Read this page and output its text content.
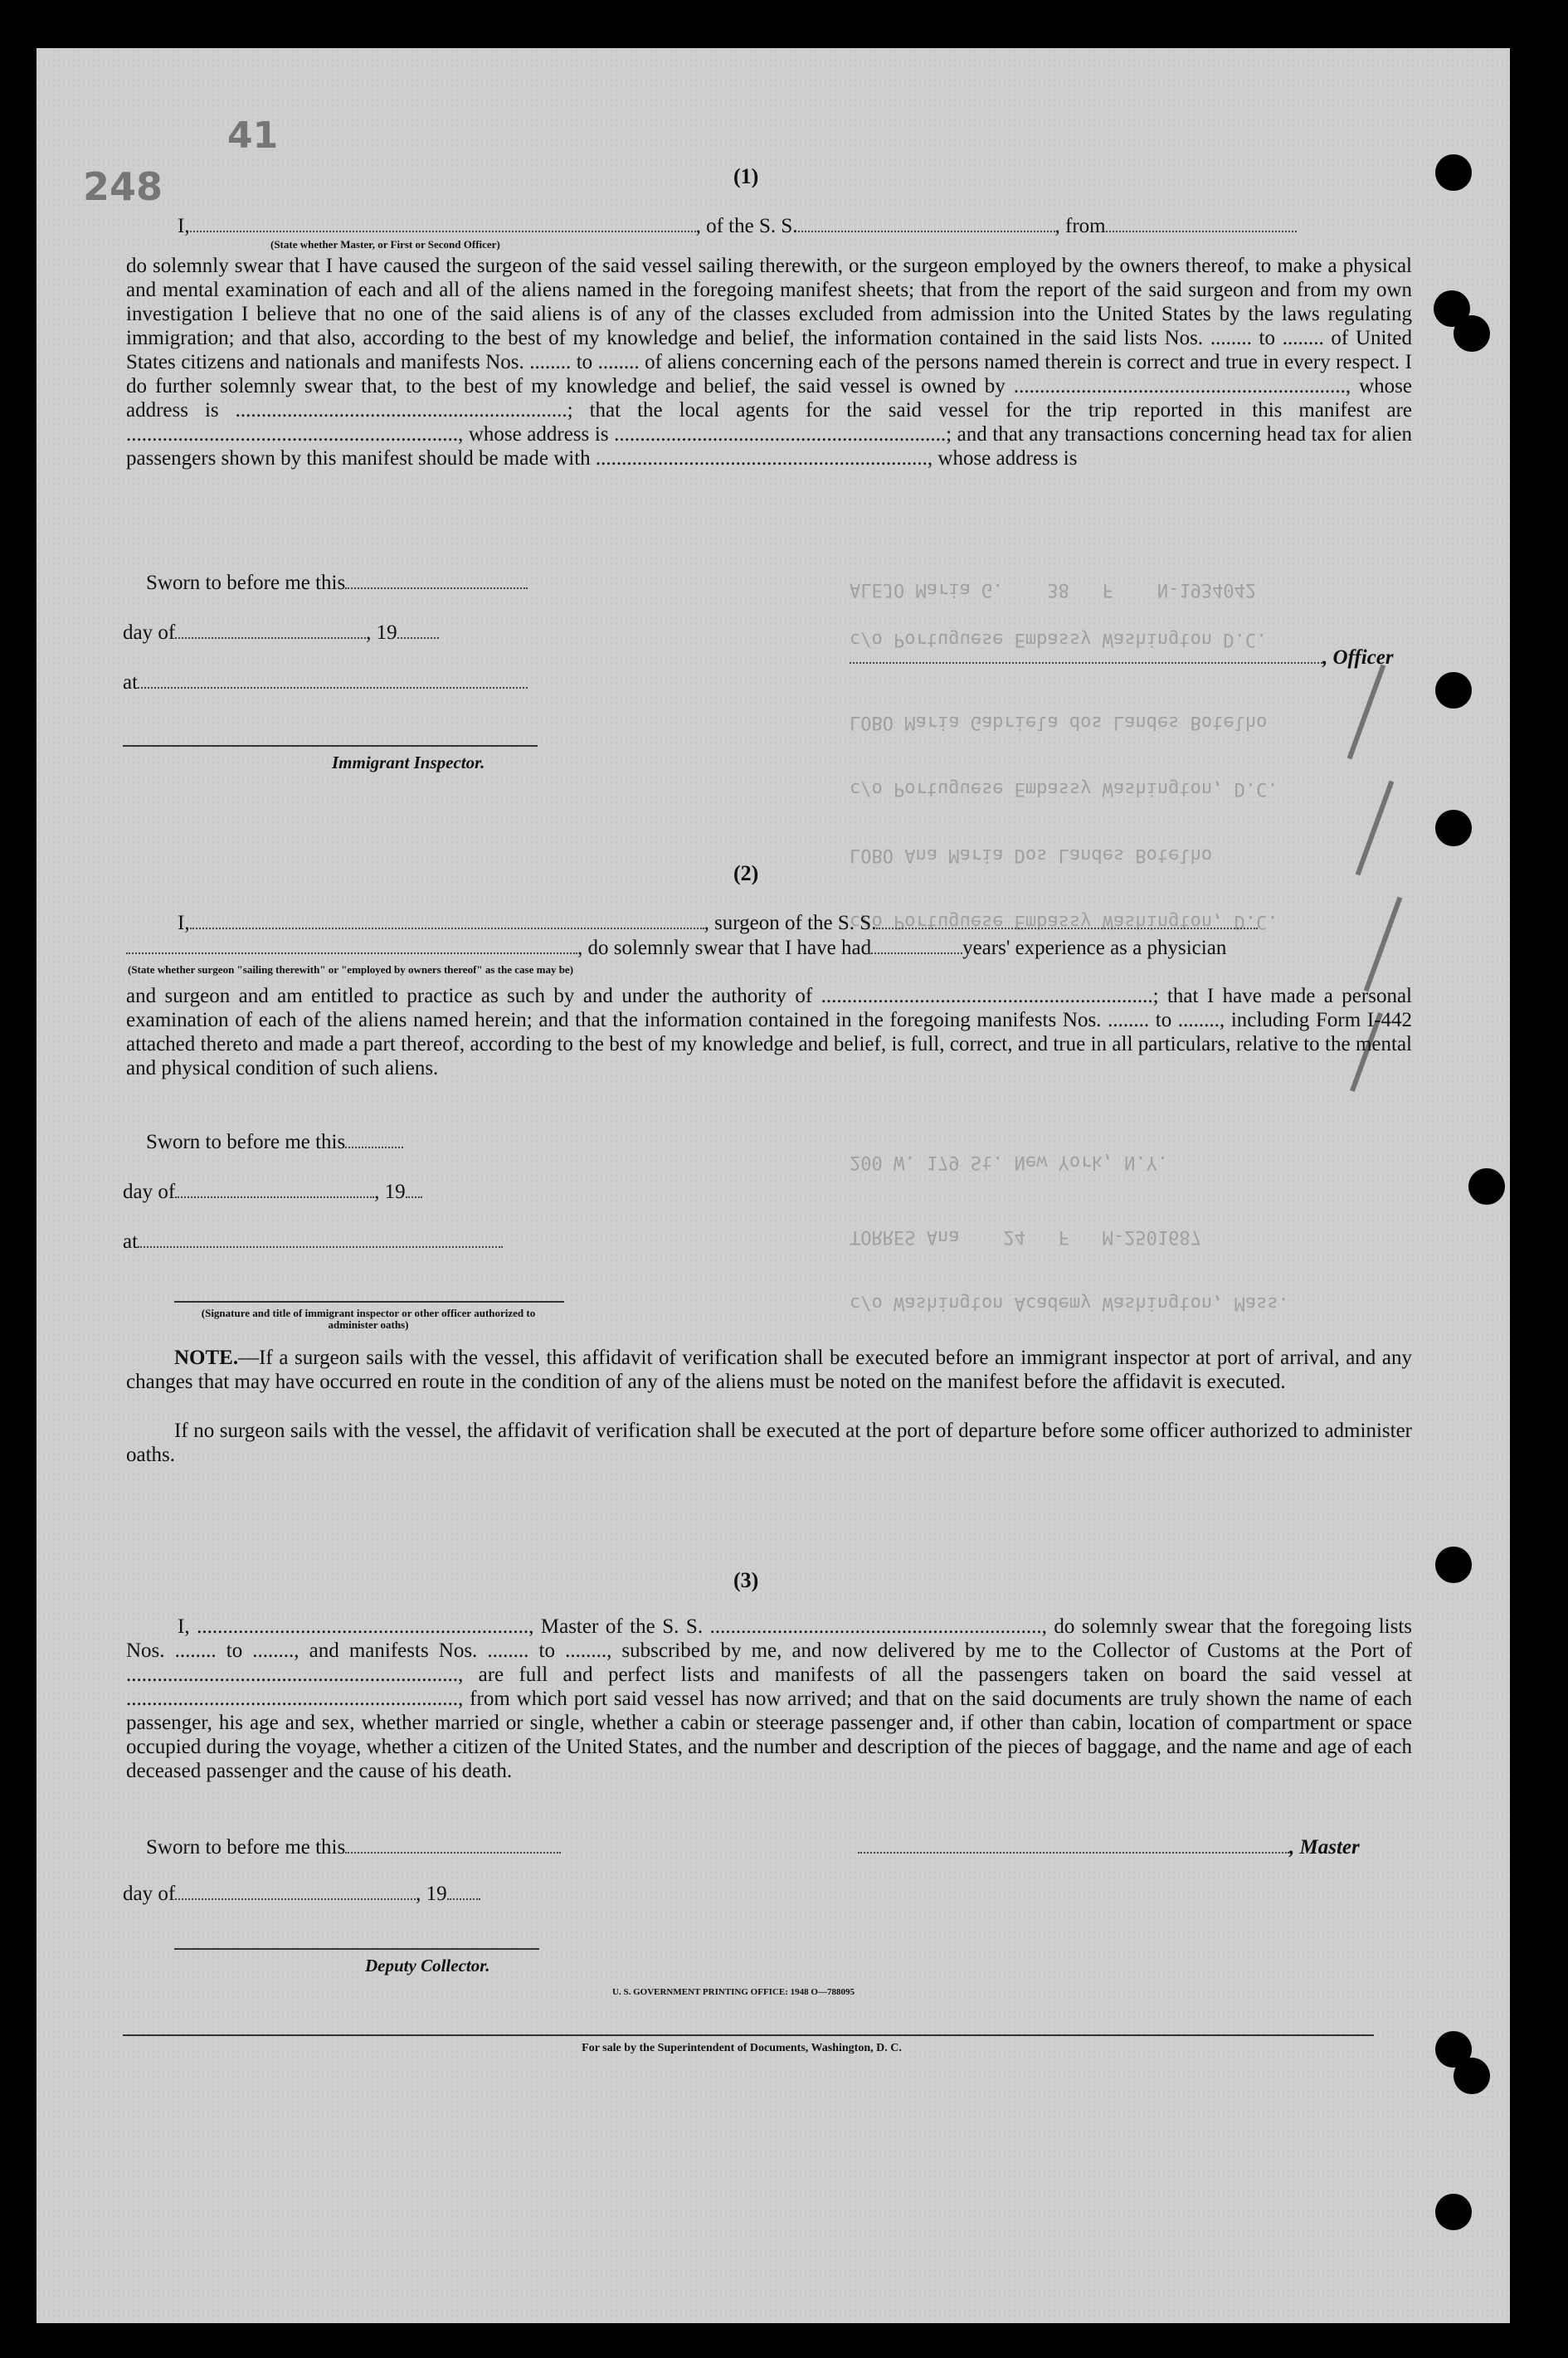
41
248
ALEJO Maria G.    38   F    N-1934042
c/o Portuguese Embassy Washington D.C.
LOBO Maria Gabriela dos Landes Botelho
c/o Portuguese Embassy Washington, D.C.
LOBO Ana Maria Dos Landes Botelho
c/o Portuguese Embassy Washington, D.C.
200 W. 179 St. New York, N.Y.
TORRES Ana    24   F   M-2501687
c/o Washington Academy Washington, Mass.
(1)
I,	, of the S. S.	, from
(State whether Master, or First or Second Officer)
do solemnly swear that I have caused the surgeon of the said vessel sailing therewith, or the surgeon employed by the owners thereof, to make a physical and mental examination of each and all of the aliens named in the foregoing manifest sheets; that from the report of the said surgeon and from my own investigation I believe that no one of the said aliens is of any of the classes excluded from admission into the United States by the laws regulating immigration; and that also, according to the best of my knowledge and belief, the information contained in the said lists Nos. ........ to ........ of United States citizens and nationals and manifests Nos. ........ to ........ of aliens concerning each of the persons named therein is correct and true in every respect. I do further solemnly swear that, to the best of my knowledge and belief, the said vessel is owned by ................................................................, whose address is ................................................................; that the local agents for the said vessel for the trip reported in this manifest are ................................................................, whose address is ................................................................; and that any transactions concerning head tax for alien passengers shown by this manifest should be made with ................................................................, whose address is
Sworn to before me this
day of	, 19
, Officer
at
Immigrant Inspector.
(2)
I,	, surgeon of the S. S.
, do solemnly swear that I have had	years' experience as a physician
(State whether surgeon "sailing therewith" or "employed by owners thereof" as the case may be)
and surgeon and am entitled to practice as such by and under the authority of ................................................................; that I have made a personal examination of each of the aliens named herein; and that the information contained in the foregoing manifests Nos. ........ to ........, including Form I-442 attached thereto and made a part thereof, according to the best of my knowledge and belief, is full, correct, and true in all particulars, relative to the mental and physical condition of such aliens.
Sworn to before me this
day of	, 19
at
(Signature and title of immigrant inspector or other officer authorized to administer oaths)
NOTE.—If a surgeon sails with the vessel, this affidavit of verification shall be executed before an immigrant inspector at port of arrival, and any changes that may have occurred en route in the condition of any of the aliens must be noted on the manifest before the affidavit is executed.
If no surgeon sails with the vessel, the affidavit of verification shall be executed at the port of departure before some officer authorized to administer oaths.
(3)
I, ................................................................, Master of the S. S. ................................................................, do solemnly swear that the foregoing lists Nos. ........ to ........, and manifests Nos. ........ to ........, subscribed by me, and now delivered by me to the Collector of Customs at the Port of ................................................................, are full and perfect lists and manifests of all the passengers taken on board the said vessel at ................................................................, from which port said vessel has now arrived; and that on the said documents are truly shown the name of each passenger, his age and sex, whether married or single, whether a cabin or steerage passenger and, if other than cabin, location of compartment or space occupied during the voyage, whether a citizen of the United States, and the number and description of the pieces of baggage, and the name and age of each deceased passenger and the cause of his death.
Sworn to before me this	, Master
day of	, 19
Deputy Collector.
U. S. GOVERNMENT PRINTING OFFICE: 1948 O—788095
For sale by the Superintendent of Documents, Washington, D. C.
